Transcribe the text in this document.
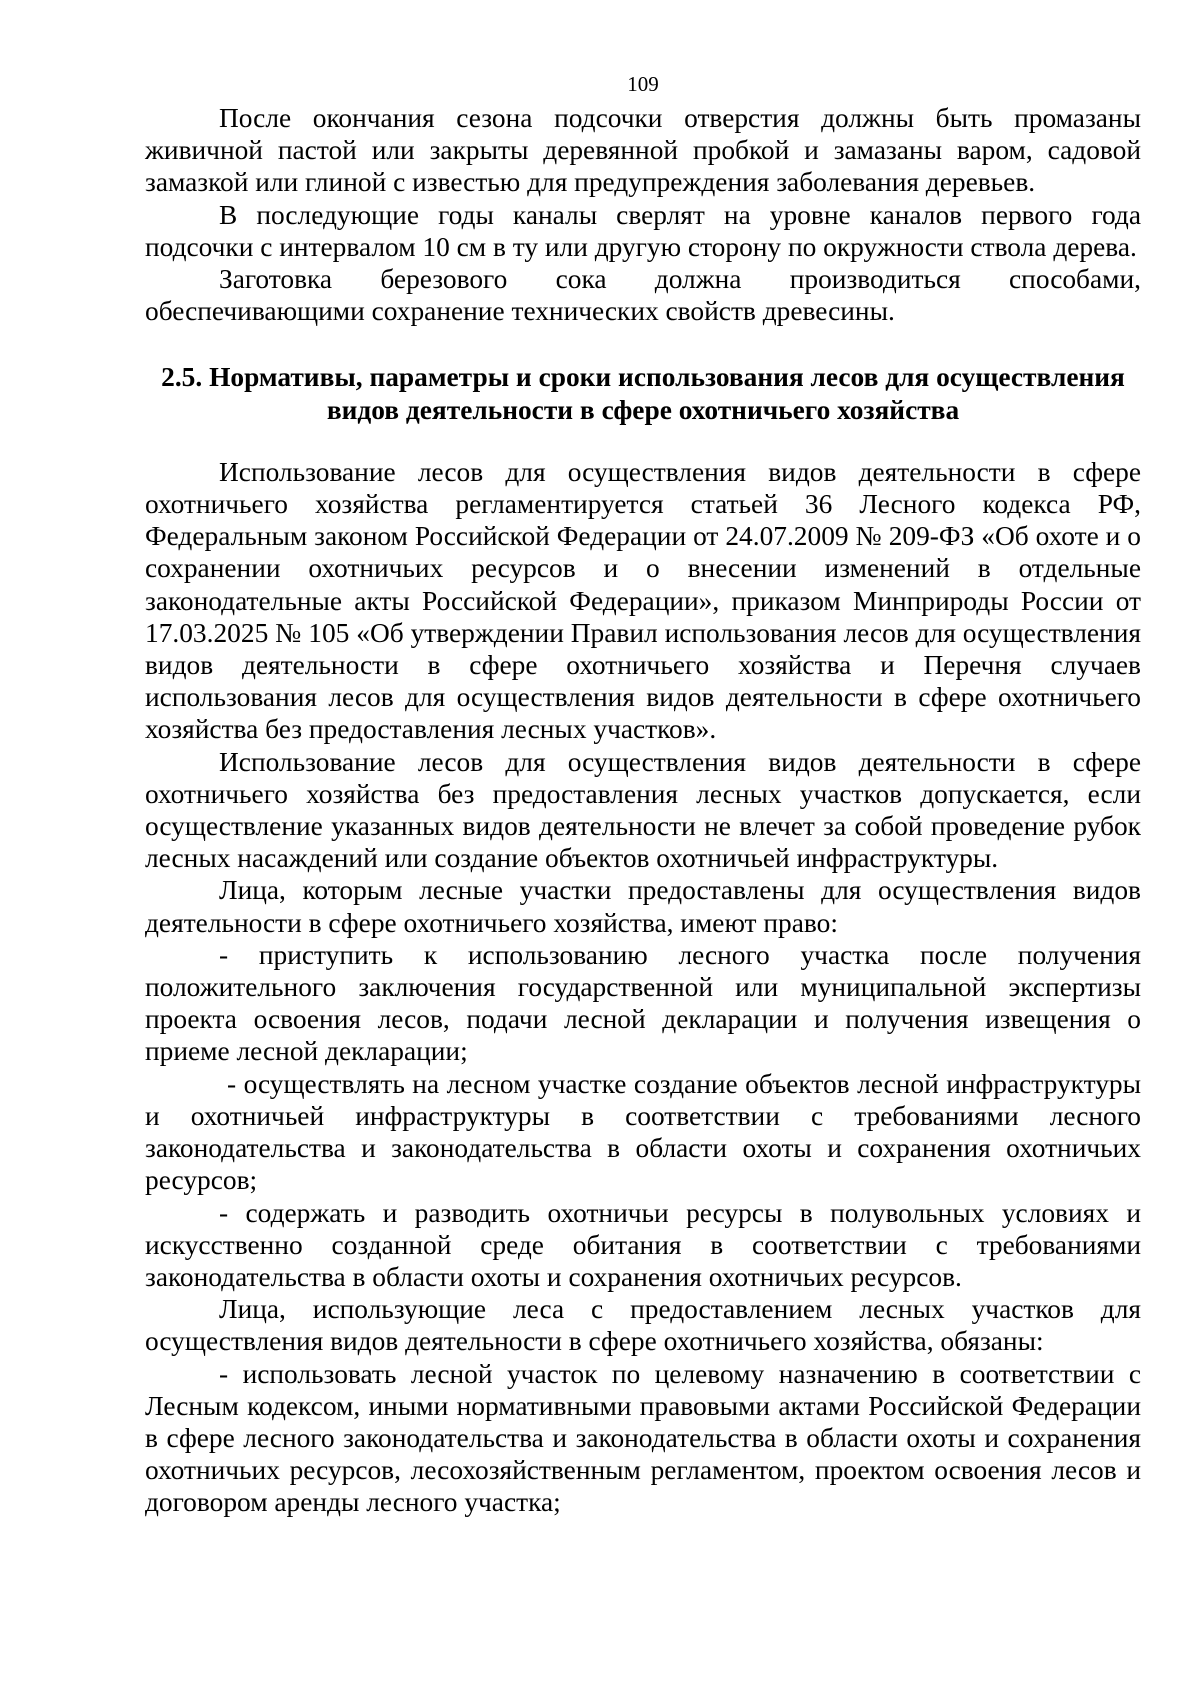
109

После окончания сезона подсочки отверстия должны быть промазаны живичной пастой или закрыты деревянной пробкой и замазаны варом, садовой замазкой или глиной с известью для предупреждения заболевания деревьев.

В последующие годы каналы сверлят на уровне каналов первого года подсочки с интервалом 10 см в ту или другую сторону по окружности ствола дерева.

Заготовка березового сока должна производиться способами, обеспечивающими сохранение технических свойств древесины.

2.5. Нормативы, параметры и сроки использования лесов для осуществления видов деятельности в сфере охотничьего хозяйства

Использование лесов для осуществления видов деятельности в сфере охотничьего хозяйства регламентируется статьей 36 Лесного кодекса РФ, Федеральным законом Российской Федерации от 24.07.2009 № 209-ФЗ «Об охоте и о сохранении охотничьих ресурсов и о внесении изменений в отдельные законодательные акты Российской Федерации», приказом Минприроды России от 17.03.2025 № 105 «Об утверждении Правил использования лесов для осуществления видов деятельности в сфере охотничьего хозяйства и Перечня случаев использования лесов для осуществления видов деятельности в сфере охотничьего хозяйства без предоставления лесных участков».

Использование лесов для осуществления видов деятельности в сфере охотничьего хозяйства без предоставления лесных участков допускается, если осуществление указанных видов деятельности не влечет за собой проведение рубок лесных насаждений или создание объектов охотничьей инфраструктуры.

Лица, которым лесные участки предоставлены для осуществления видов деятельности в сфере охотничьего хозяйства, имеют право:

- приступить к использованию лесного участка после получения положительного заключения государственной или муниципальной экспертизы проекта освоения лесов, подачи лесной декларации и получения извещения о приеме лесной декларации;

- осуществлять на лесном участке создание объектов лесной инфраструктуры и охотничьей инфраструктуры в соответствии с требованиями лесного законодательства и законодательства в области охоты и сохранения охотничьих ресурсов;

- содержать и разводить охотничьи ресурсы в полувольных условиях и искусственно созданной среде обитания в соответствии с требованиями законодательства в области охоты и сохранения охотничьих ресурсов.

Лица, использующие леса с предоставлением лесных участков для осуществления видов деятельности в сфере охотничьего хозяйства, обязаны:

- использовать лесной участок по целевому назначению в соответствии с Лесным кодексом, иными нормативными правовыми актами Российской Федерации в сфере лесного законодательства и законодательства в области охоты и сохранения охотничьих ресурсов, лесохозяйственным регламентом, проектом освоения лесов и договором аренды лесного участка;
